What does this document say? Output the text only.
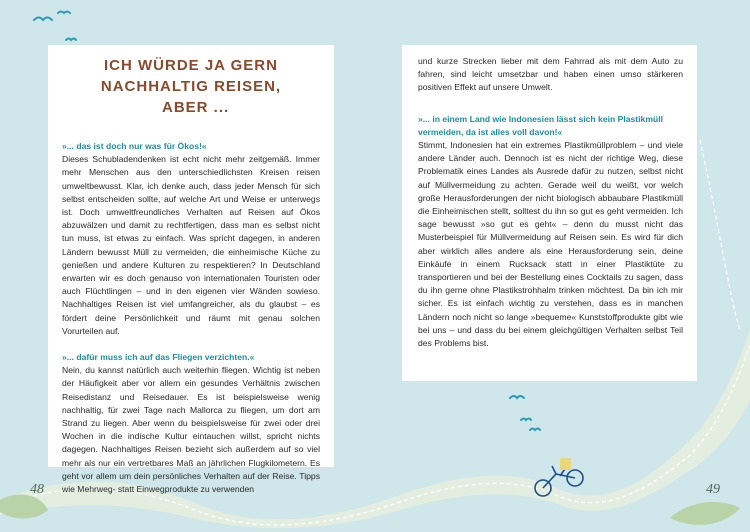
ICH WÜRDE JA GERN NACHHALTIG REISEN,
ABER ...

»... das ist doch nur was für Ökos!«

Dieses Schubladendenken ist echt nicht mehr zeitgemäß. Immer mehr Menschen aus den unterschiedlichsten Kreisen reisen umweltbewusst. Klar, ich denke auch, dass jeder Mensch für sich selbst entscheiden sollte, auf welche Art und Weise er unterwegs ist. Doch umweltfreundliches Verhalten auf Reisen auf Ökos abzuwälzen und damit zu rechtfertigen, dass man es selbst nicht tun muss, ist etwas zu einfach. Was spricht dagegen, in anderen Ländern bewusst Müll zu vermeiden, die einheimische Küche zu genießen und andere Kulturen zu respektieren? In Deutschland erwarten wir es doch genauso von internationalen Touristen oder auch Flüchtlingen – und in den eigenen vier Wänden sowieso. Nachhaltiges Reisen ist viel umfangreicher, als du glaubst – es fördert deine Persönlichkeit und räumt mit genau solchen Vorurteilen auf.

»... dafür muss ich auf das Fliegen verzichten.«

Nein, du kannst natürlich auch weiterhin fliegen. Wichtig ist neben der Häufigkeit aber vor allem ein gesundes Verhältnis zwischen Reisedistanz und Reisedauer. Es ist beispielsweise wenig nachhaltig, für zwei Tage nach Mallorca zu fliegen, um dort am Strand zu liegen. Aber wenn du beispielsweise für zwei oder drei Wochen in die indische Kultur eintauchen willst, spricht nichts dagegen. Nachhaltiges Reisen bezieht sich außerdem auf so viel mehr als nur ein vertretbares Maß an jährlichen Flugkilometern. Es geht vor allem um dein persönliches Verhalten auf der Reise. Tipps wie Mehrweg- statt Einwegprodukte zu verwenden

und kurze Strecken lieber mit dem Fahrrad als mit dem Auto zu fahren, sind leicht umsetzbar und haben einen umso stärkeren positiven Effekt auf unsere Umwelt.

»... in einem Land wie Indonesien lässt sich kein Plastikmüll vermeiden, da ist alles voll davon!«

Stimmt, Indonesien hat ein extremes Plastikmüllproblem – und viele andere Länder auch. Dennoch ist es nicht der richtige Weg, diese Problematik eines Landes als Ausrede dafür zu nutzen, selbst nicht auf Müllvermeidung zu achten. Gerade weil du weißt, vor welch große Herausforderungen der nicht biologisch abbaubare Plastikmüll die Einheimischen stellt, solltest du ihn so gut es geht vermeiden. Ich sage bewusst »so gut es geht« – denn du musst nicht das Musterbeispiel für Müllvermeidung auf Reisen sein. Es wird für dich aber wirklich alles andere als eine Herausforderung sein, deine Einkäufe in einem Rucksack statt in einer Plastiktüte zu transportieren und bei der Bestellung eines Cocktails zu sagen, dass du ihn gerne ohne Plastikstrohhalm trinken möchtest. Da bin ich mir sicher. Es ist einfach wichtig zu verstehen, dass es in manchen Ländern noch nicht so lange »bequeme« Kunststoffprodukte gibt wie bei uns – und dass du bei einem gleichgültigen Verhalten selbst Teil des Problems bist.

48	49
